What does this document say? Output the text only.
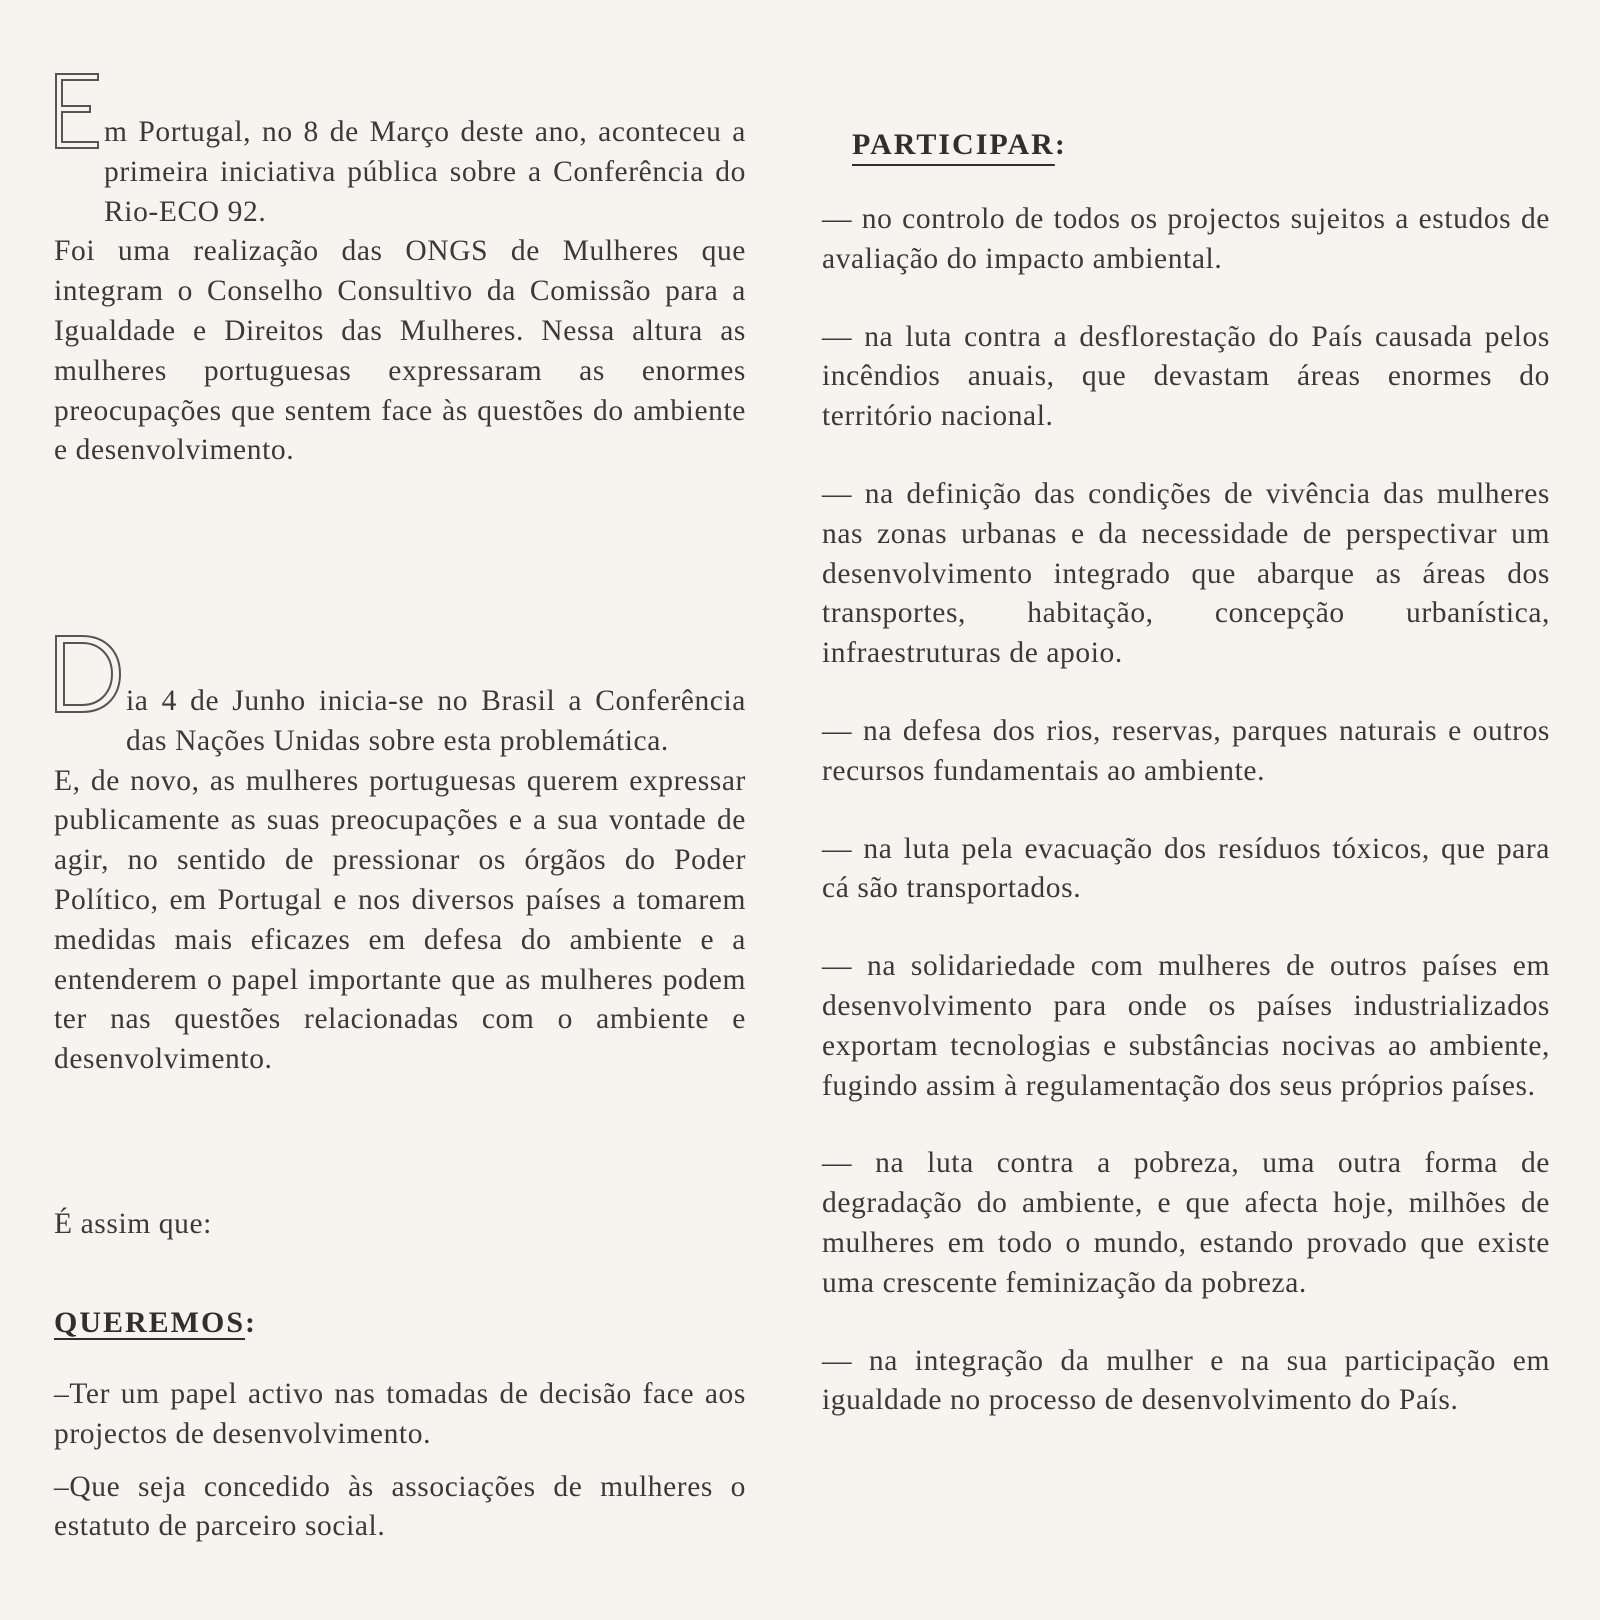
m Portugal, no 8 de Março deste ano, aconteceu a primeira iniciativa pública sobre a Conferência do Rio-ECO 92.

Foi uma realização das ONGS de Mulheres que integram o Conselho Consultivo da Comissão para a Igualdade e Direitos das Mulheres. Nessa altura as mulheres portuguesas expressaram as enormes preocupações que sentem face às questões do ambiente e desenvolvimento.

ia 4 de Junho inicia-se no Brasil a Conferência das Nações Unidas sobre esta problemática.

E, de novo, as mulheres portuguesas querem expressar publicamente as suas preocupações e a sua vontade de agir, no sentido de pressionar os órgãos do Poder Político, em Portugal e nos diversos países a tomarem medidas mais eficazes em defesa do ambiente e a entenderem o papel importante que as mulheres podem ter nas questões relacionadas com o ambiente e desenvolvimento.

É assim que:

QUEREMOS:

–Ter um papel activo nas tomadas de decisão face aos projectos de desenvolvimento.

–Que seja concedido às associações de mulheres o estatuto de parceiro social.

PARTICIPAR:

— no controlo de todos os projectos sujeitos a estudos de avaliação do impacto ambiental.

— na luta contra a desflorestação do País causada pelos incêndios anuais, que devastam áreas enormes do território nacional.

— na definição das condições de vivência das mulheres nas zonas urbanas e da necessidade de perspectivar um desenvolvimento integrado que abarque as áreas dos transportes, habitação, concepção urbanística, infraestruturas de apoio.

— na defesa dos rios, reservas, parques naturais e outros recursos fundamentais ao ambiente.

— na luta pela evacuação dos resíduos tóxicos, que para cá são transportados.

— na solidariedade com mulheres de outros países em desenvolvimento para onde os países industrializados exportam tecnologias e substâncias nocivas ao ambiente, fugindo assim à regulamentação dos seus próprios países.

— na luta contra a pobreza, uma outra forma de degradação do ambiente, e que afecta hoje, milhões de mulheres em todo o mundo, estando provado que existe uma crescente feminização da pobreza.

— na integração da mulher e na sua participação em igualdade no processo de desenvolvimento do País.
